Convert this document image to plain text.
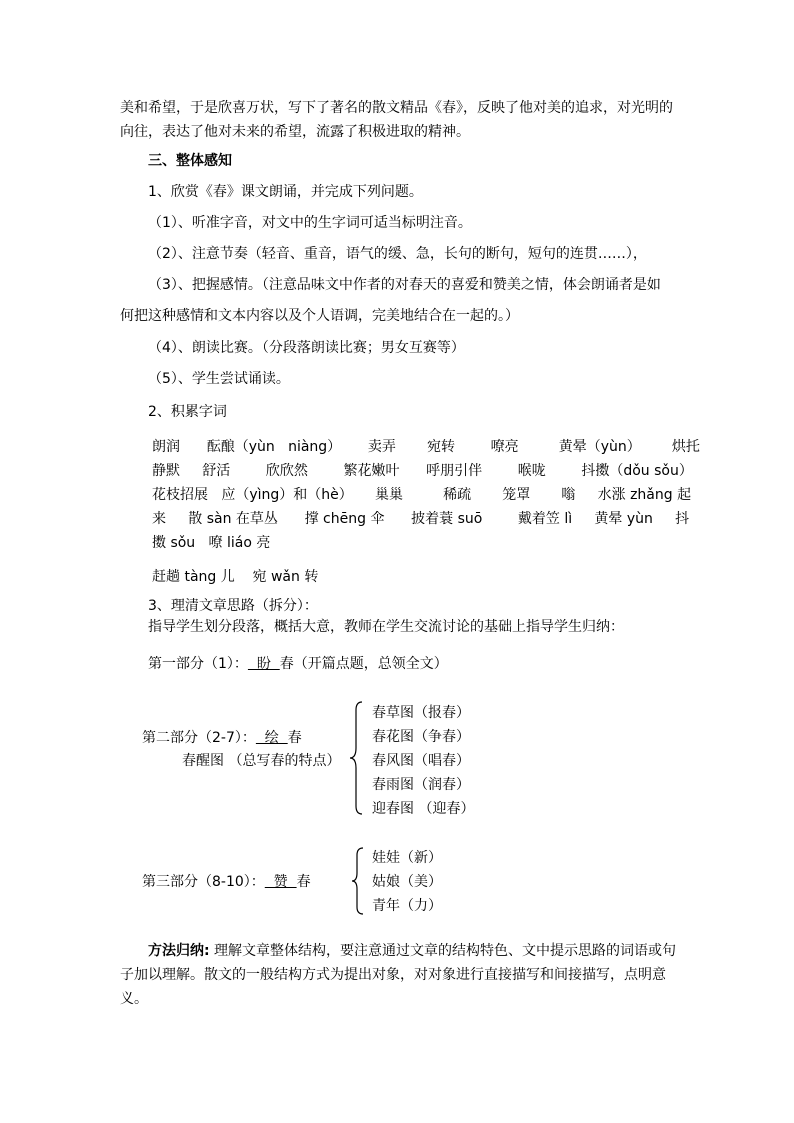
美和希望，于是欣喜万状，写下了著名的散文精品《春》，反映了他对美的追求，对光明的
向往，表达了他对未来的希望，流露了积极进取的精神。
三、整体感知
1、欣赏《春》课文朗诵，并完成下列问题。
（1）、听准字音，对文中的生字词可适当标明注音。
（2）、注意节奏（轻音、重音，语气的缓、急，长句的断句，短句的连贯……），
（3）、把握感情。（注意品味文中作者的对春天的喜爱和赞美之情，体会朗诵者是如
何把这种感情和文本内容以及个人语调，完美地结合在一起的。）
（4）、朗读比赛。（分段落朗读比赛；男女互赛等）
（5）、学生尝试诵读。
2、积累字词
朗润      酝酿（yùn   niàng）      卖弄       宛转        嘹亮         黄晕（yùn）       烘托
静默     舒活        欣欣然        繁花嫩叶      呼朋引伴        喉咙        抖擞（dǒu sǒu）
花枝招展   应（yìng）和（hè）     巢巢         稀疏       笼罩       嗡     水涨 zhǎng 起
来     散 sàn 在草丛      撑 chēng 伞      披着蓑 suō        戴着笠 lì     黄晕 yùn     抖
擞 sǒu   嘹 liáo 亮
赶趟 tàng 儿    宛 wǎn 转
3、理清文章思路（拆分）：
指导学生划分段落，概括大意，教师在学生交流讨论的基础上指导学生归纳：
第一部分（1）：  盼  春（开篇点题，总领全文）
第二部分（2-7）：  绘  春
春醒图 （总写春的特点）
春草图（报春）
春花图（争春）
春风图（唱春）
春雨图（润春）
迎春图 （迎春）
第三部分（8-10）：  赞  春
娃娃（新）
姑娘（美）
青年（力）
方法归纳: 理解文章整体结构，要注意通过文章的结构特色、文中提示思路的词语或句
子加以理解。散文的一般结构方式为提出对象，对对象进行直接描写和间接描写，点明意
义。
